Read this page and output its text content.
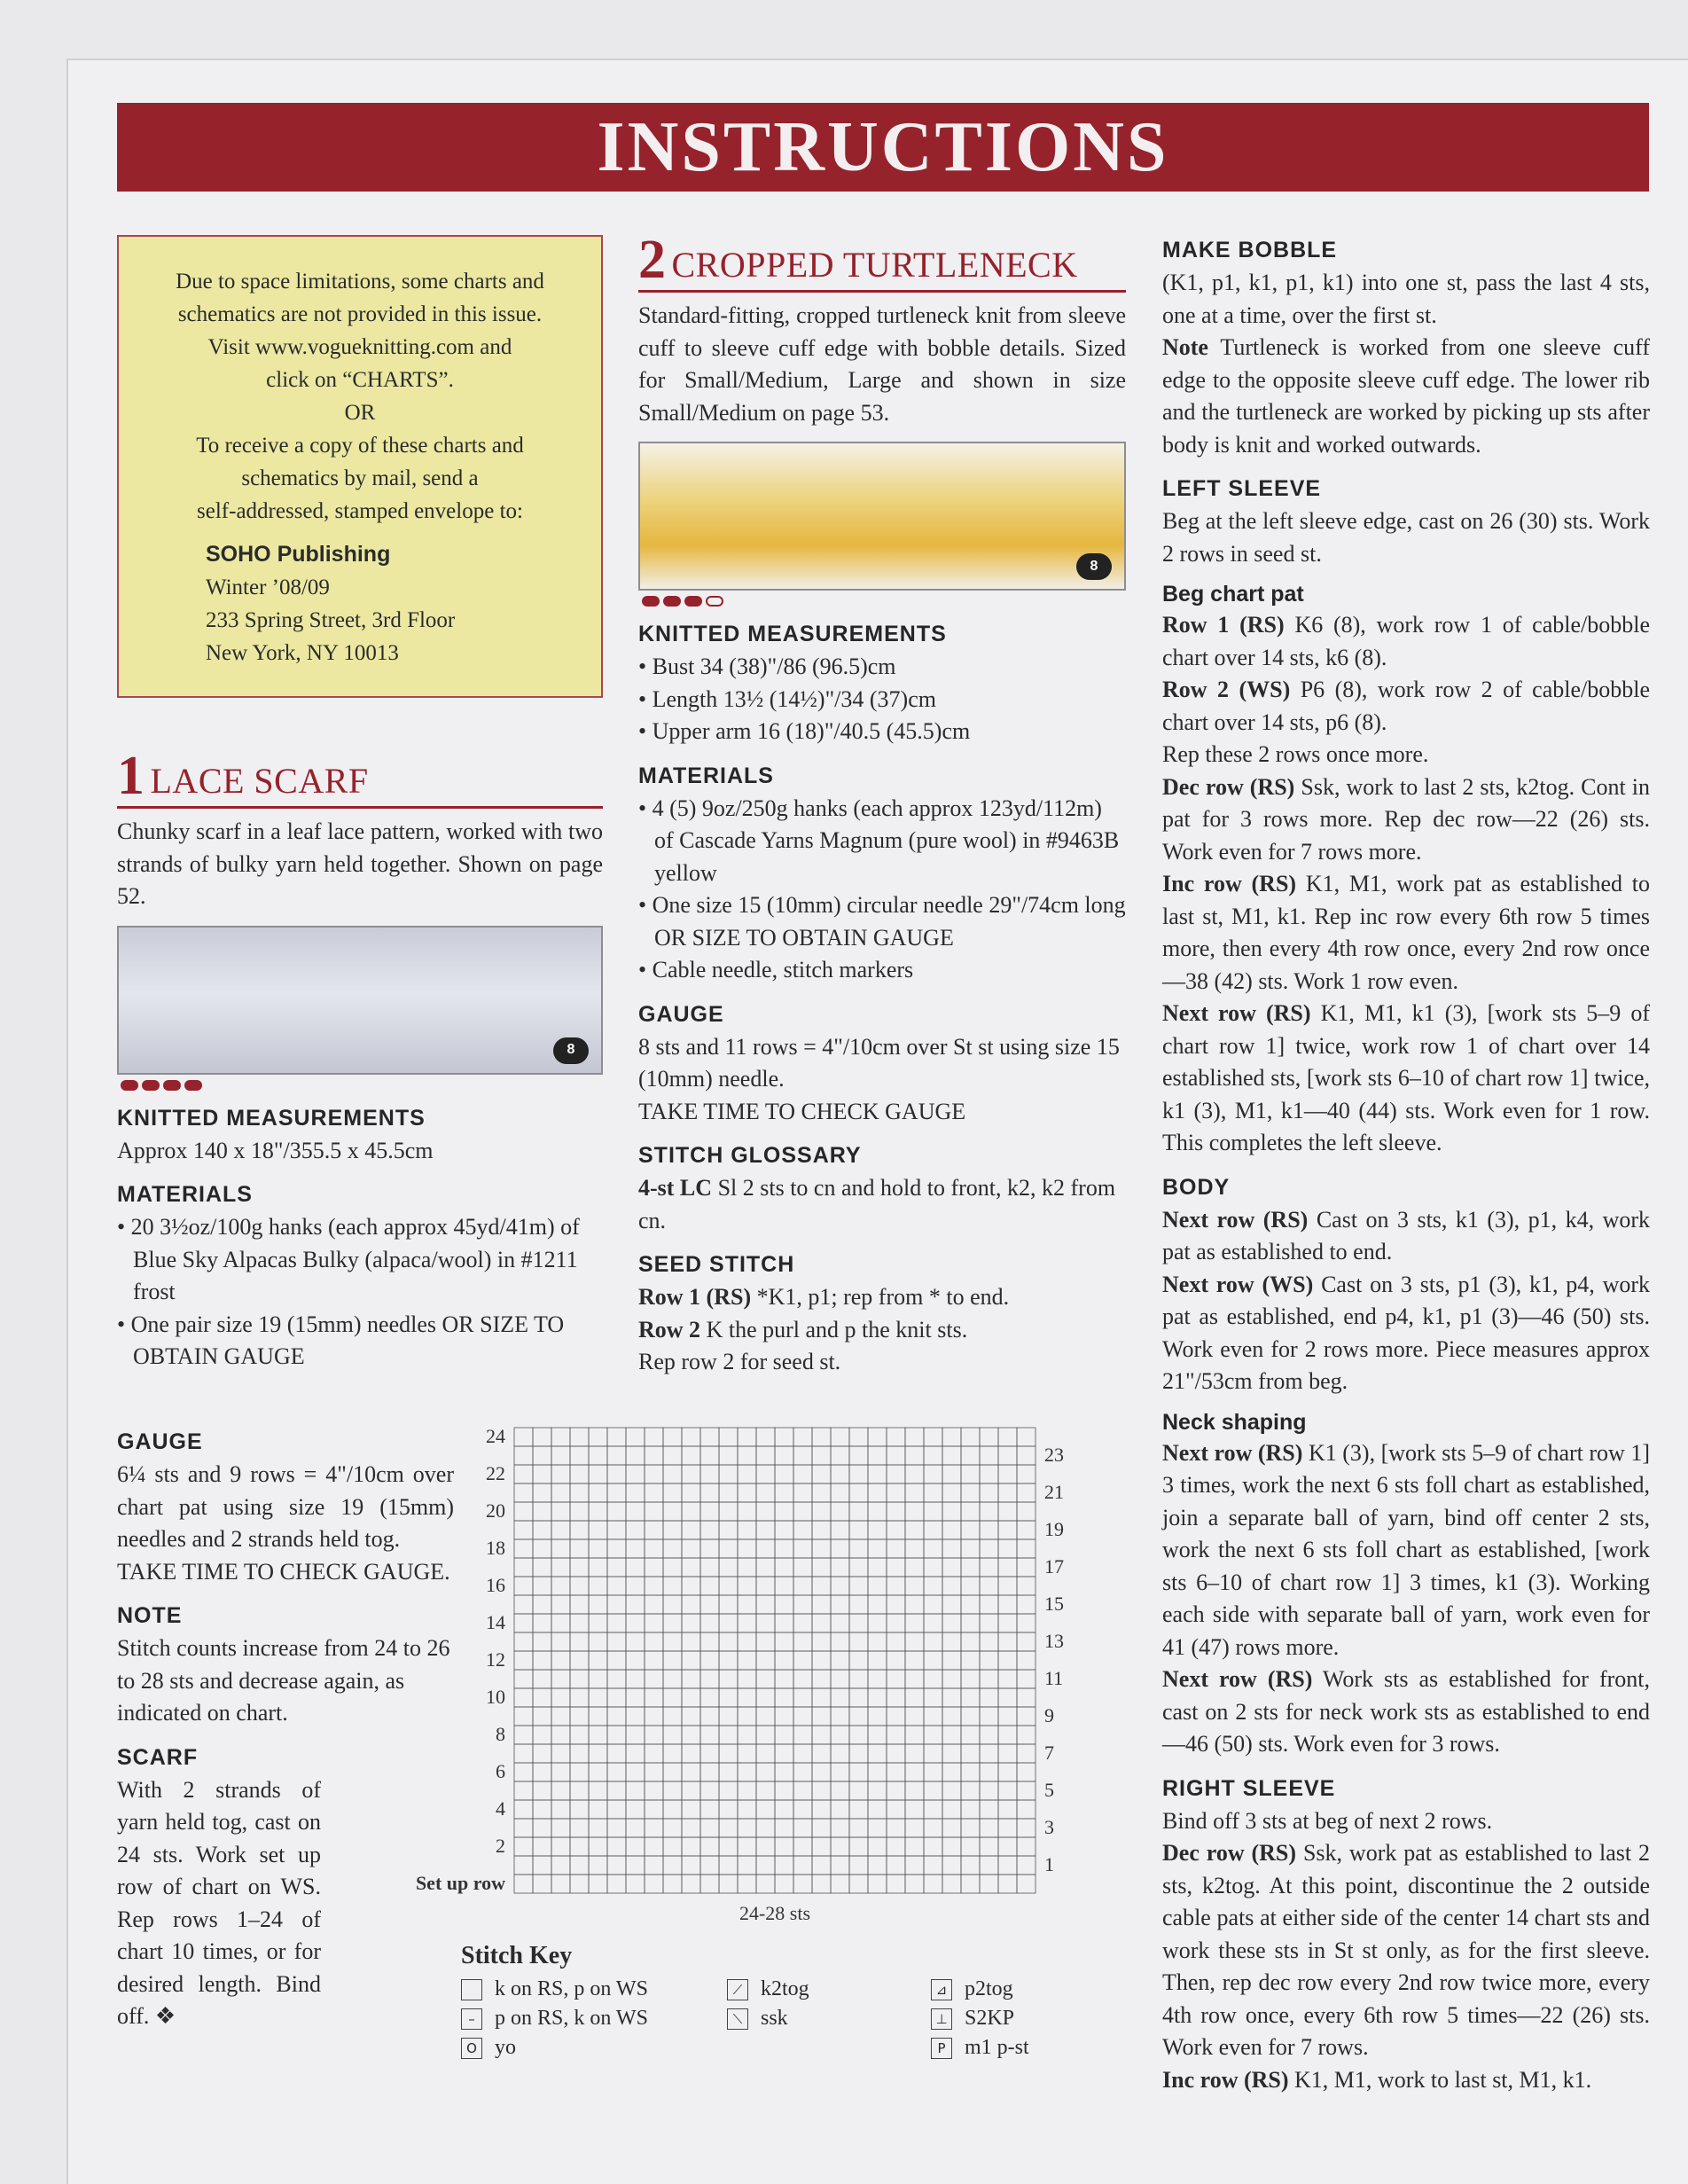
INSTRUCTIONS
Due to space limitations, some charts and
schematics are not provided in this issue.
Visit www.vogueknitting.com and
click on “CHARTS”.
OR
To receive a copy of these charts and
schematics by mail, send a
self-addressed, stamped envelope to:
SOHO Publishing
Winter ’08/09
233 Spring Street, 3rd Floor
New York, NY 10013
1 LACE SCARF

Chunky scarf in a leaf lace pattern, worked with two strands of bulky yarn held together. Shown on page 52.

8
KNITTED MEASUREMENTS

Approx 140 x 18"/355.5 x 45.5cm

MATERIALS
• 20 3½oz/100g hanks (each approx 45yd/41m) of Blue Sky Alpacas Bulky (alpaca/wool) in #1211 frost
• One pair size 19 (15mm) needles OR SIZE TO OBTAIN GAUGE
GAUGE

6¼ sts and 9 rows = 4"/10cm over chart pat using size 19 (15mm) needles and 2 strands held tog.

TAKE TIME TO CHECK GAUGE.

NOTE

Stitch counts increase from 24 to 26 to 28 sts and decrease again, as indicated on chart.

SCARF

With 2 strands of yarn held tog, cast on 24 sts. Work set up row of chart on WS. Rep rows 1–24 of chart 10 times, or for desired length. Bind off. ❖

24
22
20
18
16
14
12
10
8
6
4
2
23
21
19
17
15
13
11
9
7
5
3
1
Set up row
24-28 sts
Stitch Key
k on RS, p on WS	⟋ k2tog	⊿ p2tog
– p on RS, k on WS	⟍ ssk	⊥ S2KP
O yo	P m1 p-st
2 CROPPED TURTLENECK

Standard-fitting, cropped turtleneck knit from sleeve cuff to sleeve cuff edge with bobble details. Sized for Small/Medium, Large and shown in size Small/Medium on page 53.

8
KNITTED MEASUREMENTS
• Bust 34 (38)"/86 (96.5)cm
• Length 13½ (14½)"/34 (37)cm
• Upper arm 16 (18)"/40.5 (45.5)cm
MATERIALS
• 4 (5) 9oz/250g hanks (each approx 123yd/112m) of Cascade Yarns Magnum (pure wool) in #9463B yellow
• One size 15 (10mm) circular needle 29"/74cm long OR SIZE TO OBTAIN GAUGE
• Cable needle, stitch markers
GAUGE

8 sts and 11 rows = 4"/10cm over St st using size 15 (10mm) needle.

TAKE TIME TO CHECK GAUGE

STITCH GLOSSARY

4-st LC Sl 2 sts to cn and hold to front, k2, k2 from cn.

SEED STITCH

Row 1 (RS) *K1, p1; rep from * to end.

Row 2 K the purl and p the knit sts.

Rep row 2 for seed st.

MAKE BOBBLE

(K1, p1, k1, p1, k1) into one st, pass the last 4 sts, one at a time, over the first st.

Note Turtleneck is worked from one sleeve cuff edge to the opposite sleeve cuff edge. The lower rib and the turtleneck are worked by picking up sts after body is knit and worked outwards.

LEFT SLEEVE

Beg at the left sleeve edge, cast on 26 (30) sts. Work 2 rows in seed st.

Beg chart pat

Row 1 (RS) K6 (8), work row 1 of cable/bobble chart over 14 sts, k6 (8).

Row 2 (WS) P6 (8), work row 2 of cable/bobble chart over 14 sts, p6 (8).

Rep these 2 rows once more.

Dec row (RS) Ssk, work to last 2 sts, k2tog. Cont in pat for 3 rows more. Rep dec row—22 (26) sts. Work even for 7 rows more.

Inc row (RS) K1, M1, work pat as established to last st, M1, k1. Rep inc row every 6th row 5 times more, then every 4th row once, every 2nd row once—38 (42) sts. Work 1 row even.

Next row (RS) K1, M1, k1 (3), [work sts 5–9 of chart row 1] twice, work row 1 of chart over 14 established sts, [work sts 6–10 of chart row 1] twice, k1 (3), M1, k1—40 (44) sts. Work even for 1 row. This completes the left sleeve.

BODY

Next row (RS) Cast on 3 sts, k1 (3), p1, k4, work pat as established to end.

Next row (WS) Cast on 3 sts, p1 (3), k1, p4, work pat as established, end p4, k1, p1 (3)—46 (50) sts. Work even for 2 rows more. Piece measures approx 21"/53cm from beg.

Neck shaping

Next row (RS) K1 (3), [work sts 5–9 of chart row 1] 3 times, work the next 6 sts foll chart as established, join a separate ball of yarn, bind off center 2 sts, work the next 6 sts foll chart as established, [work sts 6–10 of chart row 1] 3 times, k1 (3). Working each side with separate ball of yarn, work even for 41 (47) rows more.

Next row (RS) Work sts as established for front, cast on 2 sts for neck work sts as established to end—46 (50) sts. Work even for 3 rows.

RIGHT SLEEVE

Bind off 3 sts at beg of next 2 rows.

Dec row (RS) Ssk, work pat as established to last 2 sts, k2tog. At this point, discontinue the 2 outside cable pats at either side of the center 14 chart sts and work these sts in St st only, as for the first sleeve. Then, rep dec row every 2nd row twice more, every 4th row once, every 6th row 5 times—22 (26) sts. Work even for 7 rows.

Inc row (RS) K1, M1, work to last st, M1, k1.
